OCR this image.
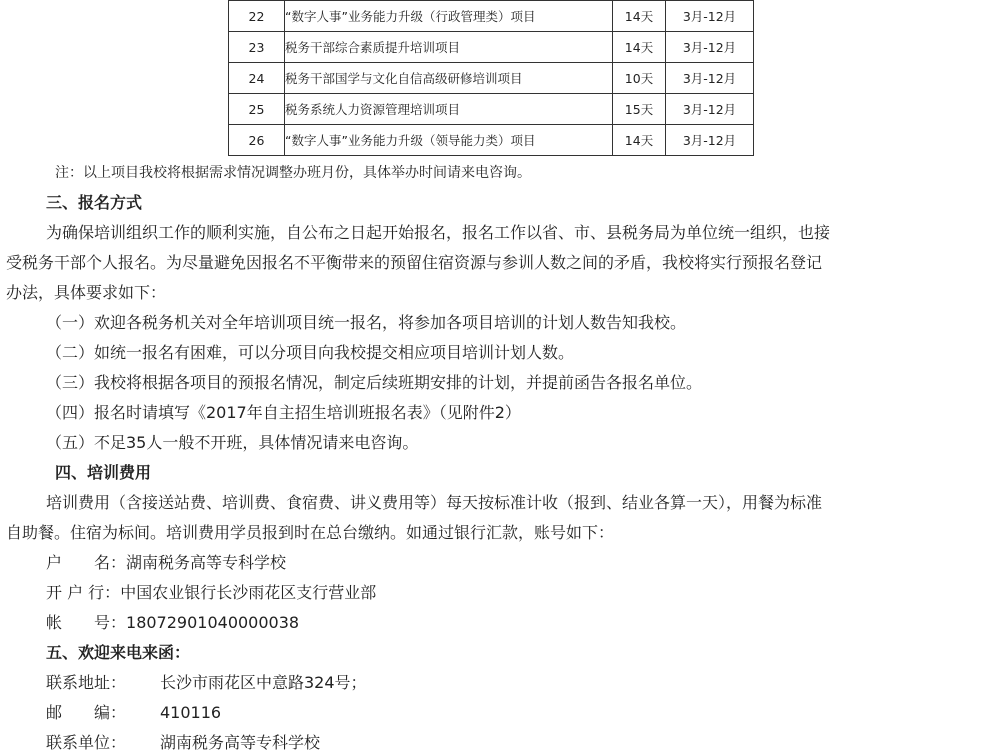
22	“数字人事”业务能力升级（行政管理类）项目	14天	3月-12月
23	税务干部综合素质提升培训项目	14天	3月-12月
24	税务干部国学与文化自信高级研修培训项目	10天	3月-12月
25	税务系统人力资源管理培训项目	15天	3月-12月
26	“数字人事”业务能力升级（领导能力类）项目	14天	3月-12月
注：以上项目我校将根据需求情况调整办班月份，具体举办时间请来电咨询。
三、报名方式
为确保培训组织工作的顺利实施，自公布之日起开始报名，报名工作以省、市、县税务局为单位统一组织，也接
受税务干部个人报名。为尽量避免因报名不平衡带来的预留住宿资源与参训人数之间的矛盾，我校将实行预报名登记
办法，具体要求如下：
（一）欢迎各税务机关对全年培训项目统一报名，将参加各项目培训的计划人数告知我校。
（二）如统一报名有困难，可以分项目向我校提交相应项目培训计划人数。
（三）我校将根据各项目的预报名情况，制定后续班期安排的计划，并提前函告各报名单位。
（四）报名时请填写《2017年自主招生培训班报名表》（见附件2）
（五）不足35人一般不开班，具体情况请来电咨询。
四、培训费用
培训费用（含接送站费、培训费、食宿费、讲义费用等）每天按标准计收（报到、结业各算一天），用餐为标准
自助餐。住宿为标间。培训费用学员报到时在总台缴纳。如通过银行汇款，账号如下：
户　　名：湖南税务高等专科学校
开 户 行：中国农业银行长沙雨花区支行营业部
帐　　号：18072901040000038
五、欢迎来电来函：
联系地址： 长沙市雨花区中意路324号；
邮　　编： 410116
联系单位： 湖南税务高等专科学校
